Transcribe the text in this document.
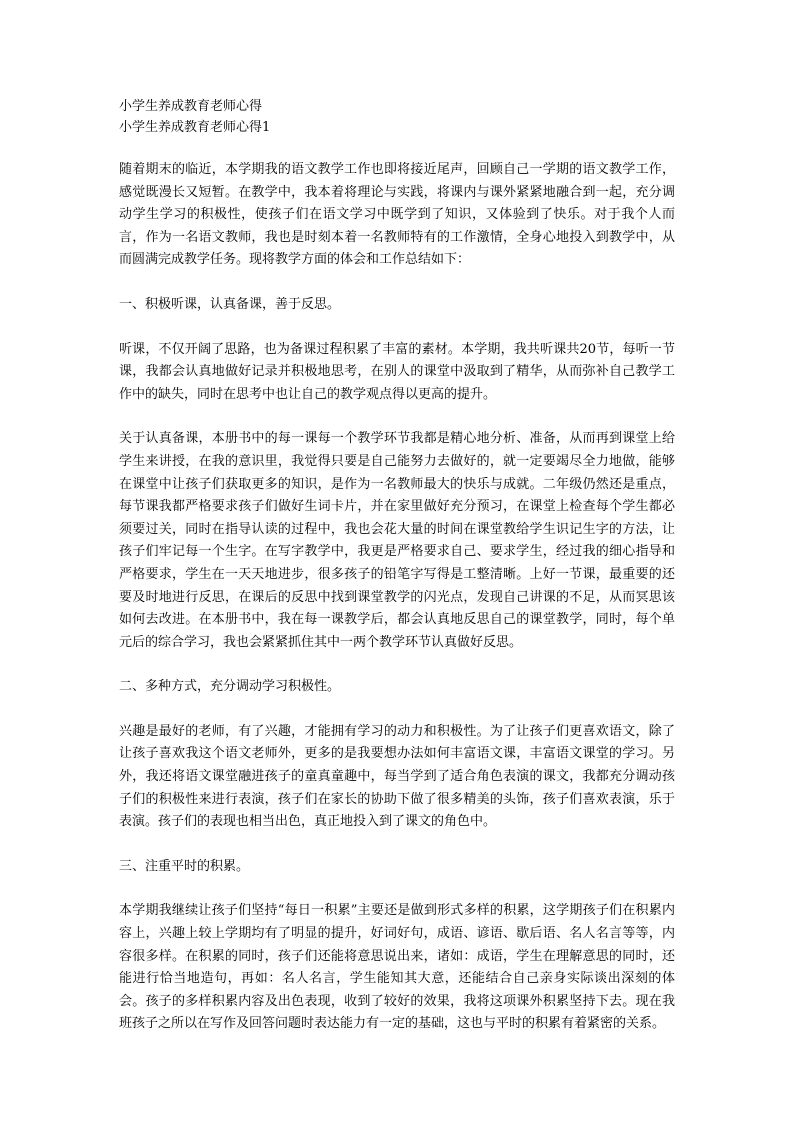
小学生养成教育老师心得

小学生养成教育老师心得1

随着期末的临近，本学期我的语文教学工作也即将接近尾声，回顾自己一学期的语文教学工作，感觉既漫长又短暂。在教学中，我本着将理论与实践，将课内与课外紧紧地融合到一起，充分调动学生学习的积极性，使孩子们在语文学习中既学到了知识，又体验到了快乐。对于我个人而言，作为一名语文教师，我也是时刻本着一名教师特有的工作激情，全身心地投入到教学中，从而圆满完成教学任务。现将教学方面的体会和工作总结如下：

一、积极听课，认真备课，善于反思。

听课，不仅开阔了思路，也为备课过程积累了丰富的素材。本学期，我共听课共20节，每听一节课，我都会认真地做好记录并积极地思考，在别人的课堂中汲取到了精华，从而弥补自己教学工作中的缺失，同时在思考中也让自己的教学观点得以更高的提升。

关于认真备课，本册书中的每一课每一个教学环节我都是精心地分析、准备，从而再到课堂上给学生来讲授，在我的意识里，我觉得只要是自己能努力去做好的，就一定要竭尽全力地做，能够在课堂中让孩子们获取更多的知识，是作为一名教师最大的快乐与成就。二年级仍然还是重点，每节课我都严格要求孩子们做好生词卡片，并在家里做好充分预习，在课堂上检查每个学生都必须要过关，同时在指导认读的过程中，我也会花大量的时间在课堂教给学生识记生字的方法，让孩子们牢记每一个生字。在写字教学中，我更是严格要求自己、要求学生，经过我的细心指导和严格要求，学生在一天天地进步，很多孩子的铅笔字写得是工整清晰。上好一节课，最重要的还要及时地进行反思，在课后的反思中找到课堂教学的闪光点，发现自己讲课的不足，从而冥思该如何去改进。在本册书中，我在每一课教学后，都会认真地反思自己的课堂教学，同时，每个单元后的综合学习，我也会紧紧抓住其中一两个教学环节认真做好反思。

二、多种方式，充分调动学习积极性。

兴趣是最好的老师，有了兴趣，才能拥有学习的动力和积极性。为了让孩子们更喜欢语文，除了让孩子喜欢我这个语文老师外，更多的是我要想办法如何丰富语文课，丰富语文课堂的学习。另外，我还将语文课堂融进孩子的童真童趣中，每当学到了适合角色表演的课文，我都充分调动孩子们的积极性来进行表演，孩子们在家长的协助下做了很多精美的头饰，孩子们喜欢表演，乐于表演。孩子们的表现也相当出色，真正地投入到了课文的角色中。

三、注重平时的积累。

本学期我继续让孩子们坚持“每日一积累”主要还是做到形式多样的积累，这学期孩子们在积累内容上，兴趣上较上学期均有了明显的提升，好词好句，成语、谚语、歇后语、名人名言等等，内容很多样。在积累的同时，孩子们还能将意思说出来，诸如：成语，学生在理解意思的同时，还能进行恰当地造句，再如：名人名言，学生能知其大意，还能结合自己亲身实际谈出深刻的体会。孩子的多样积累内容及出色表现，收到了较好的效果，我将这项课外积累坚持下去。现在我班孩子之所以在写作及回答问题时表达能力有一定的基础，这也与平时的积累有着紧密的关系。
